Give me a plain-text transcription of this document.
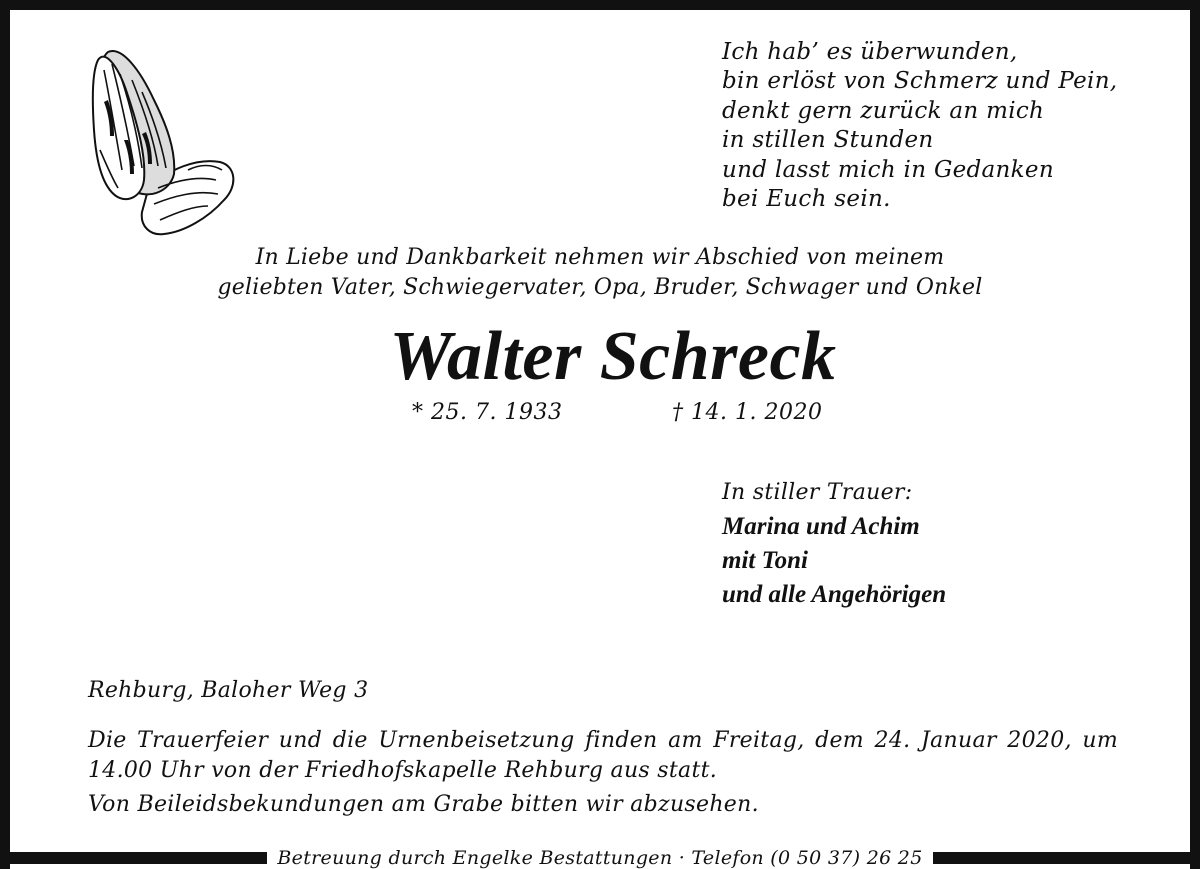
Ich hab’ es überwunden,
bin erlöst von Schmerz und Pein,
denkt gern zurück an mich
in stillen Stunden
und lasst mich in Gedanken
bei Euch sein.
In Liebe und Dankbarkeit nehmen wir Abschied von meinem
geliebten Vater, Schwiegervater, Opa, Bruder, Schwager und Onkel
Walter Schreck
* 25. 7. 1933	† 14. 1. 2020
In stiller Trauer:
Marina und Achim
mit Toni
und alle Angehörigen
Rehburg, Baloher Weg 3
Die Trauerfeier und die Urnenbeisetzung finden am Freitag, dem 24. Januar 2020, um
14.00 Uhr von der Friedhofskapelle Rehburg aus statt.
Von Beileidsbekundungen am Grabe bitten wir abzusehen.
Betreuung durch Engelke Bestattungen · Telefon (0 50 37) 26 25
